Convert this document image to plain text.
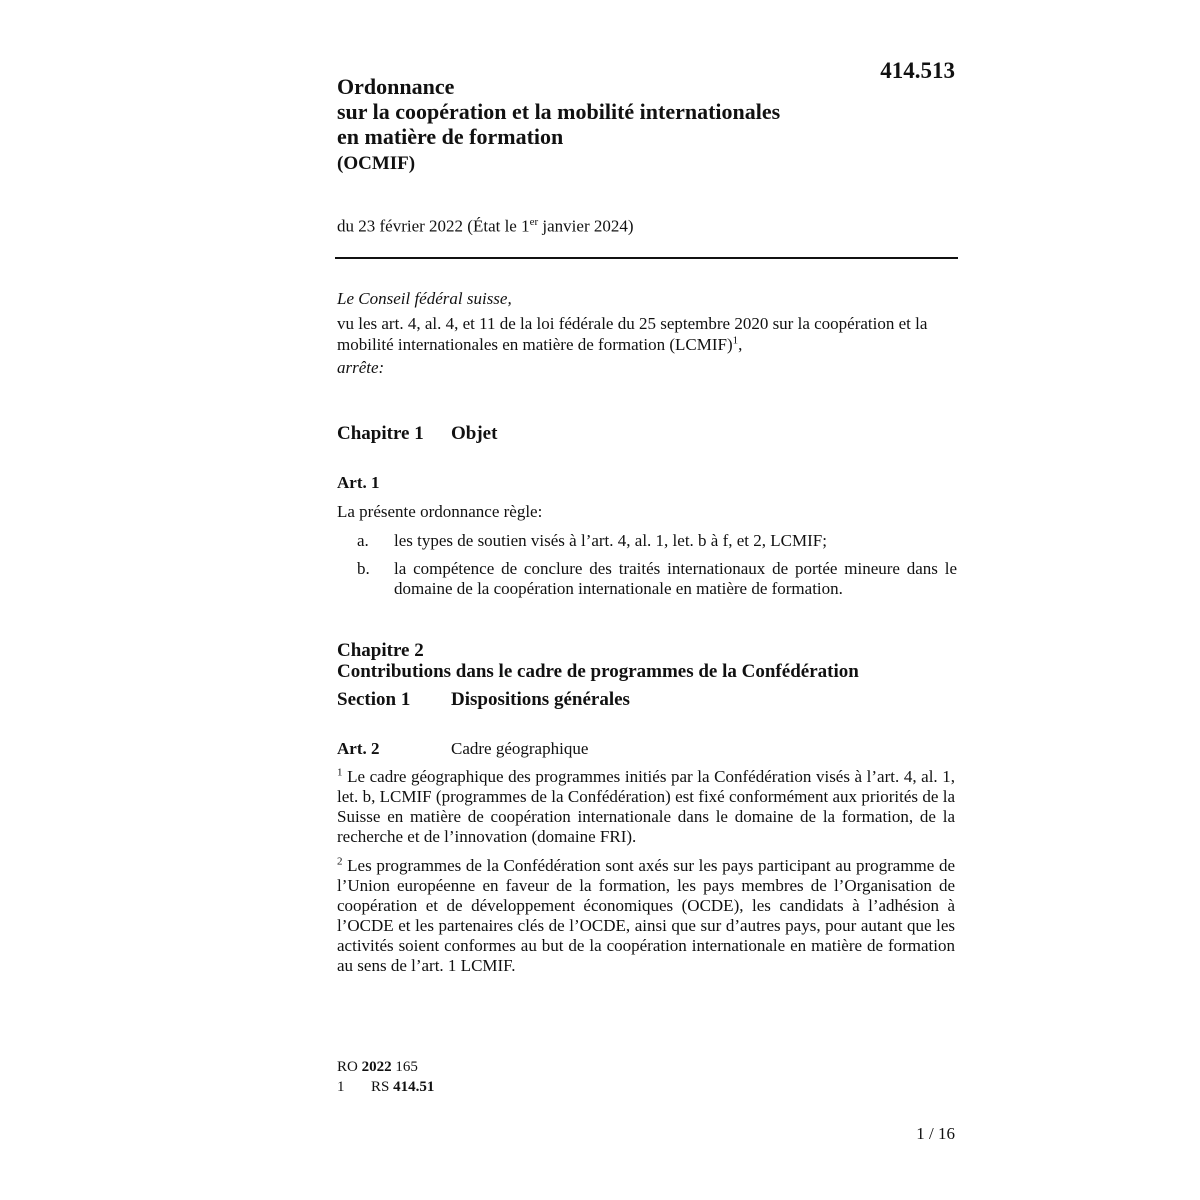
414.513
Ordonnance
sur la coopération et la mobilité internationales
en matière de formation
(OCMIF)
du 23 février 2022 (État le 1er janvier 2024)

Le Conseil fédéral suisse,

vu les art. 4, al. 4, et 11 de la loi fédérale du 25 septembre 2020 sur la coopération et la mobilité internationales en matière de formation (LCMIF)$^1$,

arrête:

Chapitre 1 Objet
Art. 1
La présente ordonnance règle:
a.	les types de soutien visés à l’art. 4, al. 1, let. b à f, et 2, LCMIF;
b.	la compétence de conclure des traités internationaux de portée mineure dans le domaine de la coopération internationale en matière de formation.
Chapitre 2
Contributions dans le cadre de programmes de la Confédération
Section 1 Dispositions générales
Art. 2	Cadre géographique

$^1$ Le cadre géographique des programmes initiés par la Confédération visés à l’art. 4, al. 1, let. b, LCMIF (programmes de la Confédération) est fixé conformément aux priorités de la Suisse en matière de coopération internationale dans le domaine de la formation, de la recherche et de l’innovation (domaine FRI).

$^2$ Les programmes de la Confédération sont axés sur les pays participant au programme de l’Union européenne en faveur de la formation, les pays membres de l’Organisation de coopération et de développement économiques (OCDE), les candidats à l’adhésion à l’OCDE et les partenaires clés de l’OCDE, ainsi que sur d’autres pays, pour autant que les activités soient conformes au but de la coopération internationale en matière de formation au sens de l’art. 1 LCMIF.

RO 2022 165
1 RS 414.51
1 / 16
